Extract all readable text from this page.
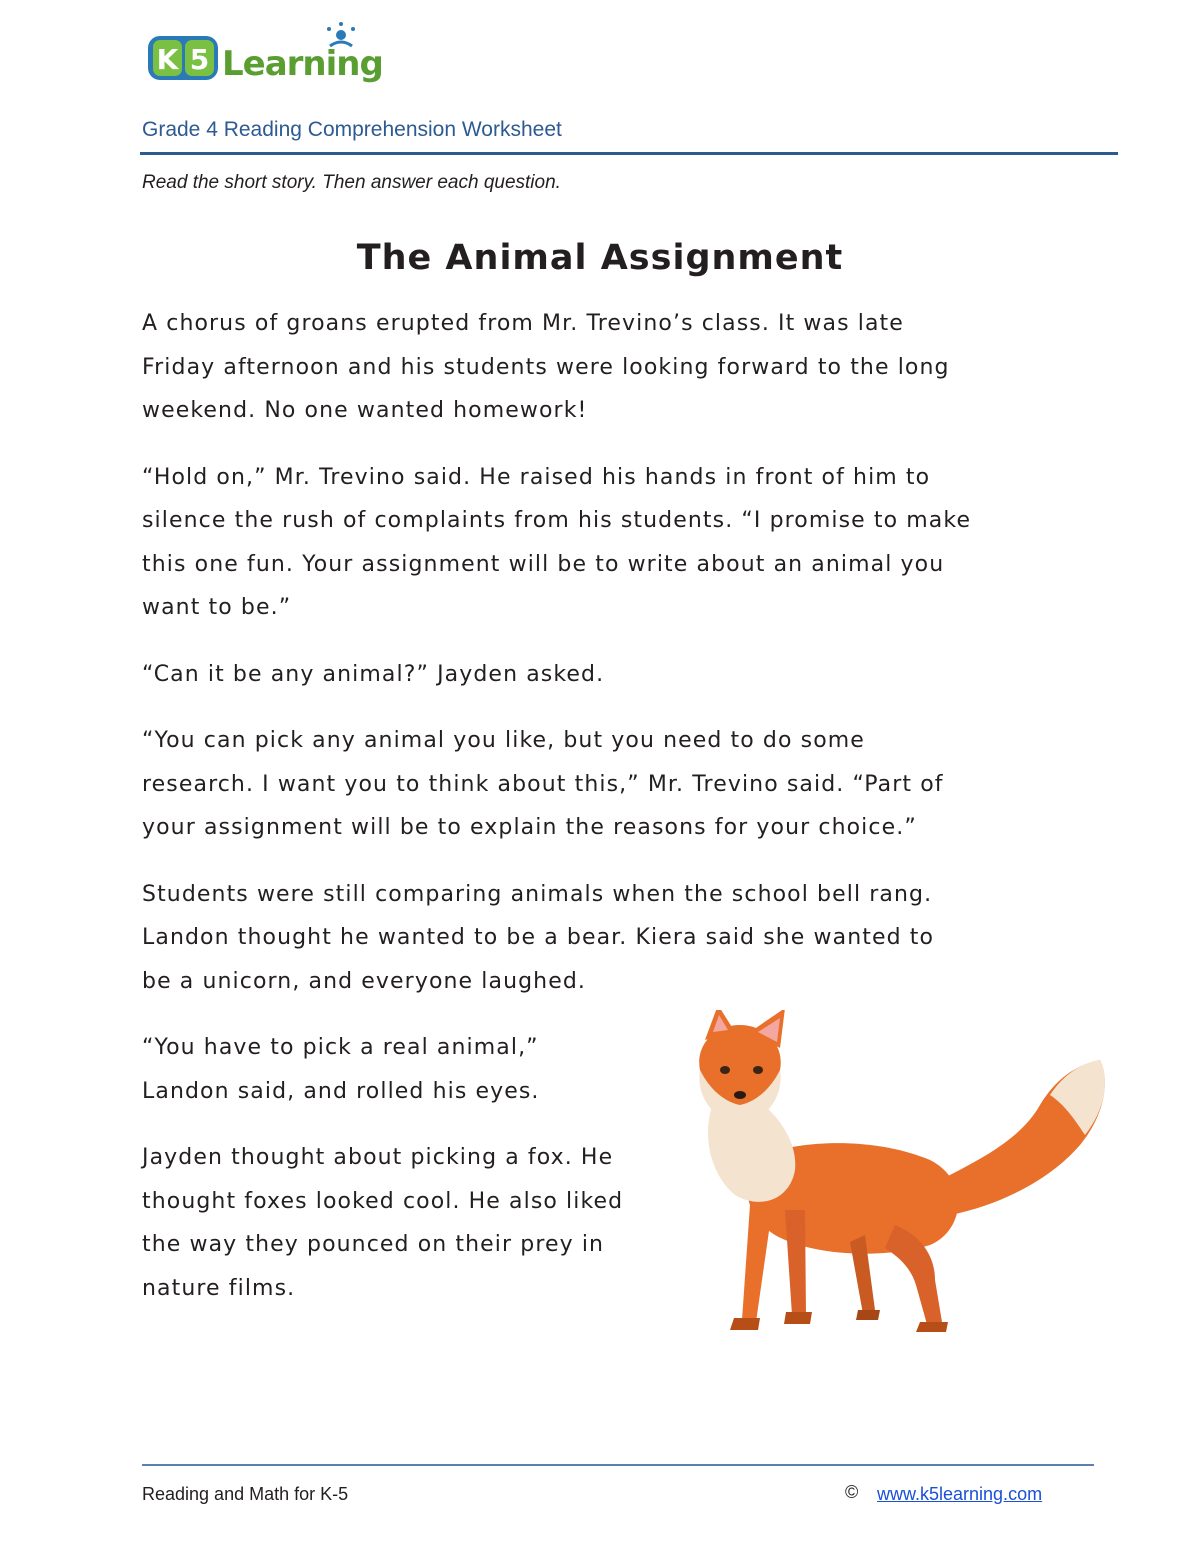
K 5 Learning
Grade 4 Reading Comprehension Worksheet
Read the short story. Then answer each question.
The Animal Assignment

A chorus of groans erupted from Mr. Trevino’s class. It was late
Friday afternoon and his students were looking forward to the long
weekend. No one wanted homework!

“Hold on,” Mr. Trevino said. He raised his hands in front of him to
silence the rush of complaints from his students. “I promise to make
this one fun. Your assignment will be to write about an animal you
want to be.”

“Can it be any animal?” Jayden asked.

“You can pick any animal you like, but you need to do some
research. I want you to think about this,” Mr. Trevino said. “Part of
your assignment will be to explain the reasons for your choice.”

Students were still comparing animals when the school bell rang.
Landon thought he wanted to be a bear. Kiera said she wanted to
be a unicorn, and everyone laughed.

“You have to pick a real animal,”
Landon said, and rolled his eyes.

Jayden thought about picking a fox. He
thought foxes looked cool. He also liked
the way they pounced on their prey in
nature films.

Reading and Math for K-5	© www.k5learning.com
